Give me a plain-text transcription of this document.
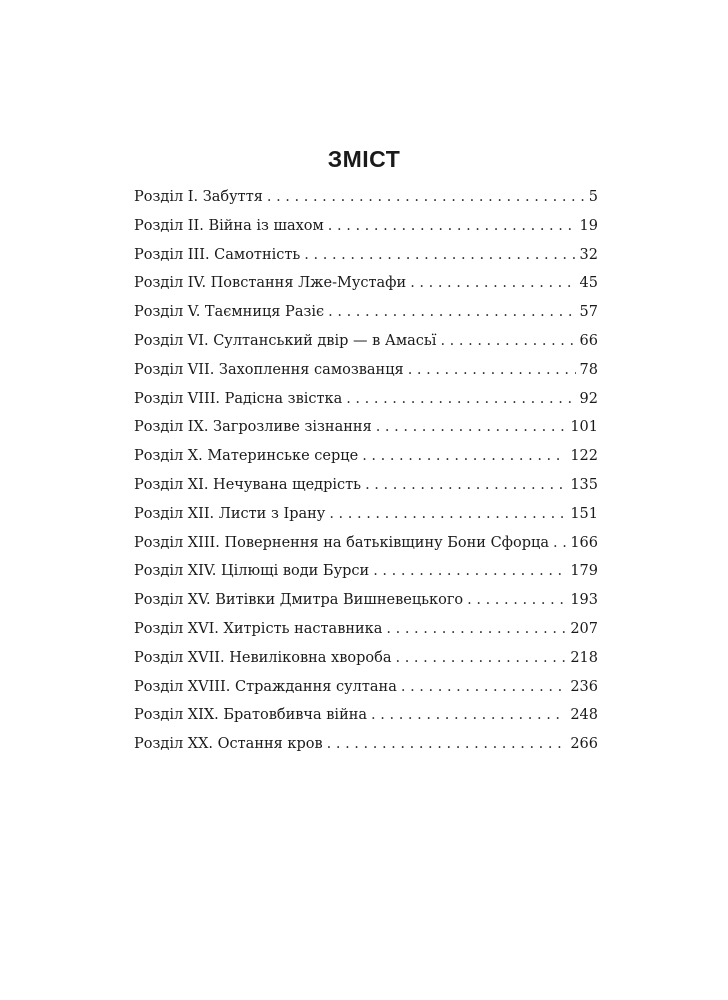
ЗМІСТ
Розділ I. Забуття . . .	5
Розділ II. Війна із шахом . . .	19
Розділ III. Самотність . . .	32
Розділ IV. Повстання Лже-Мустафи . . .	45
Розділ V. Таємниця Разіє . . .	57
Розділ VI. Султанський двір — в Амасьї . . .	66
Розділ VII. Захоплення самозванця . . .	78
Розділ VIII. Радісна звістка . . .	92
Розділ IX. Загрозливе зізнання . . .	101
Розділ X. Материнське серце . . .	122
Розділ XI. Нечувана щедрість . . .	135
Розділ XII. Листи з Ірану . . .	151
Розділ XIII. Повернення на батьківщину Бони Сфорца . . . 166
Розділ XIV. Цілющі води Бурси . . .	179
Розділ XV. Витівки Дмитра Вишневецького . . .	193
Розділ XVI. Хитрість наставника . . .	207
Розділ XVII. Невиліковна хвороба . . .	218
Розділ XVIII. Страждання султана . . .	236
Розділ XIX. Братовбивча війна . . .	248
Розділ XX. Остання кров . . .	266
